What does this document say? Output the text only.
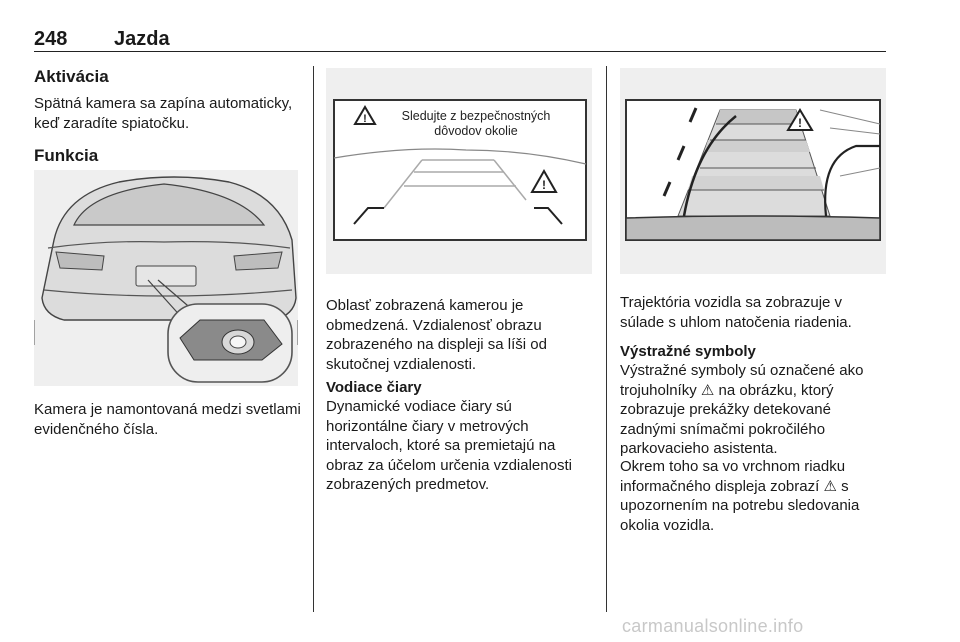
248 Jazda
Aktivácia

Spätná kamera sa zapína automaticky, keď zaradíte spiatočku.

Funkcia

Kamera je namontovaná medzi svetlami evidenčného čísla.

!	Sledujte z bezpečnostných
dôvodov okolie
!

Oblasť zobrazená kamerou je obmedzená. Vzdialenosť obrazu zobrazeného na displeji sa líši od skutočnej vzdialenosti.

Vodiace čiary

Dynamické vodiace čiary sú horizontálne čiary v metrových intervaloch, ktoré sa premietajú na obraz za účelom určenia vzdialenosti zobrazených predmetov.

!

Trajektória vozidla sa zobrazuje v súlade s uhlom natočenia riadenia.

Výstražné symboly

Výstražné symboly sú označené ako trojuholníky ⚠ na obrázku, ktorý zobrazuje prekážky detekované zadnými snímačmi pokročilého parkovacieho asistenta.

Okrem toho sa vo vrchnom riadku informačného displeja zobrazí ⚠ s upozornením na potrebu sledovania okolia vozidla.

carmanualsonline.info
